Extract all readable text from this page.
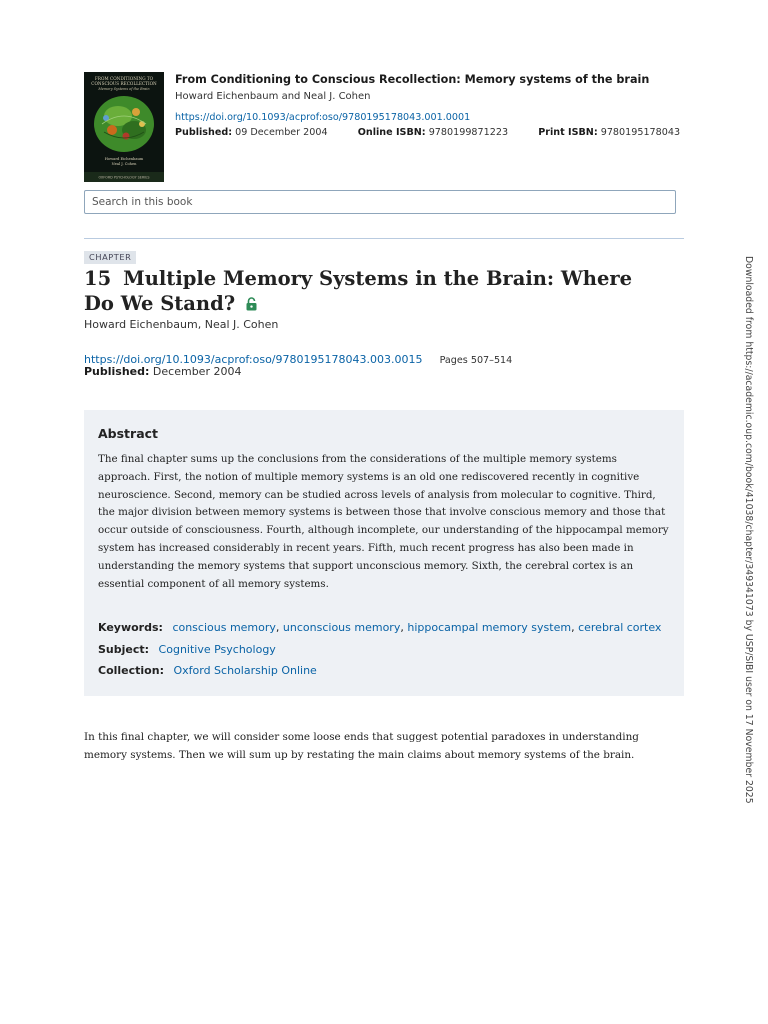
FROM CONDITIONING TO
CONSCIOUS RECOLLECTION
Memory Systems of the Brain
Howard Eichenbaum
Neal J. Cohen
OXFORD PSYCHOLOGY SERIES
From Conditioning to Conscious Recollection: Memory systems of the brain
Howard Eichenbaum and Neal J. Cohen
https://doi.org/10.1093/acprof:oso/9780195178043.001.0001
Published: 09 December 2004	Online ISBN: 9780199871223	Print ISBN: 9780195178043
Search in this book
CHAPTER
15 Multiple Memory Systems in the Brain: Where Do We Stand?
Howard Eichenbaum, Neal J. Cohen
https://doi.org/10.1093/acprof:oso/9780195178043.003.0015 Pages 507–514
Published: December 2004
Abstract
The final chapter sums up the conclusions from the considerations of the multiple memory systems approach. First, the notion of multiple memory systems is an old one rediscovered recently in cognitive neuroscience. Second, memory can be studied across levels of analysis from molecular to cognitive. Third, the major division between memory systems is between those that involve conscious memory and those that occur outside of consciousness. Fourth, although incomplete, our understanding of the hippocampal memory system has increased considerably in recent years. Fifth, much recent progress has also been made in understanding the memory systems that support unconscious memory. Sixth, the cerebral cortex is an essential component of all memory systems.
Keywords: conscious memory, unconscious memory, hippocampal memory system, cerebral cortex
Subject: Cognitive Psychology
Collection: Oxford Scholarship Online

In this final chapter, we will consider some loose ends that suggest potential paradoxes in understanding memory systems. Then we will sum up by restating the main claims about memory systems of the brain.	Downloaded from https://academic.oup.com/book/41038/chapter/349341073 by USP/SIBI user on 17 November 2025
